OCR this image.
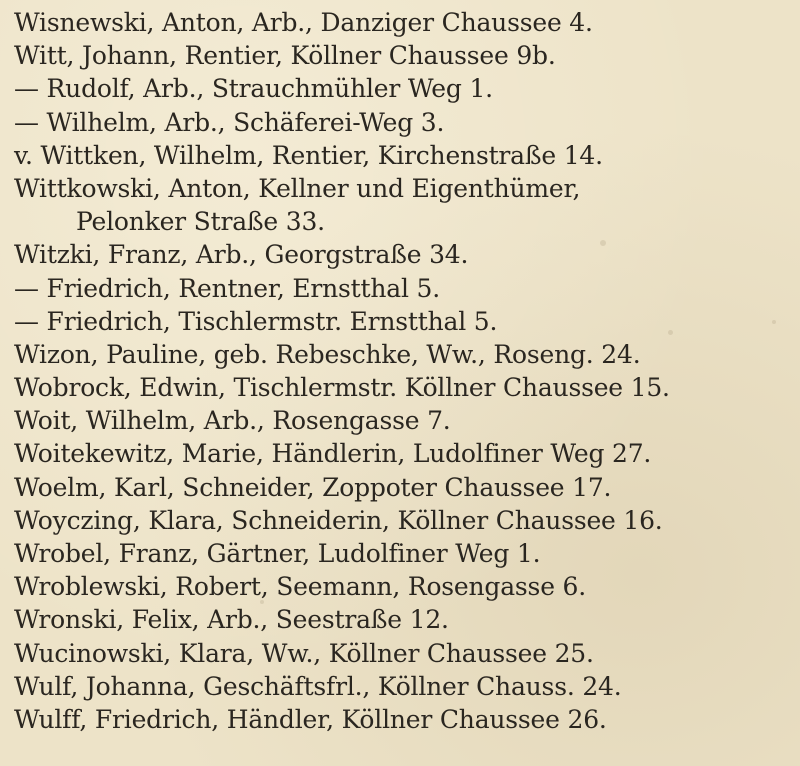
Wisnewski, Anton, Arb., Danziger Chaussee 4.
Witt, Johann, Rentier, Köllner Chaussee 9b.
— Rudolf, Arb., Strauchmühler Weg 1.
— Wilhelm, Arb., Schäferei-Weg 3.
v. Wittken, Wilhelm, Rentier, Kirchenstraße 14.
Wittkowski, Anton, Kellner und Eigenthümer,
Pelonker Straße 33.
Witzki, Franz, Arb., Georgstraße 34.
— Friedrich, Rentner, Ernstthal 5.
— Friedrich, Tischlermstr. Ernstthal 5.
Wizon, Pauline, geb. Rebeschke, Ww., Roseng. 24.
Wobrock, Edwin, Tischlermstr. Köllner Chaussee 15.
Woit, Wilhelm, Arb., Rosengasse 7.
Woitekewitz, Marie, Händlerin, Ludolfiner Weg 27.
Woelm, Karl, Schneider, Zoppoter Chaussee 17.
Woyczing, Klara, Schneiderin, Köllner Chaussee 16.
Wrobel, Franz, Gärtner, Ludolfiner Weg 1.
Wroblewski, Robert, Seemann, Rosengasse 6.
Wronski, Felix, Arb., Seestraße 12.
Wucinowski, Klara, Ww., Köllner Chaussee 25.
Wulf, Johanna, Geschäftsfrl., Köllner Chauss. 24.
Wulff, Friedrich, Händler, Köllner Chaussee 26.
